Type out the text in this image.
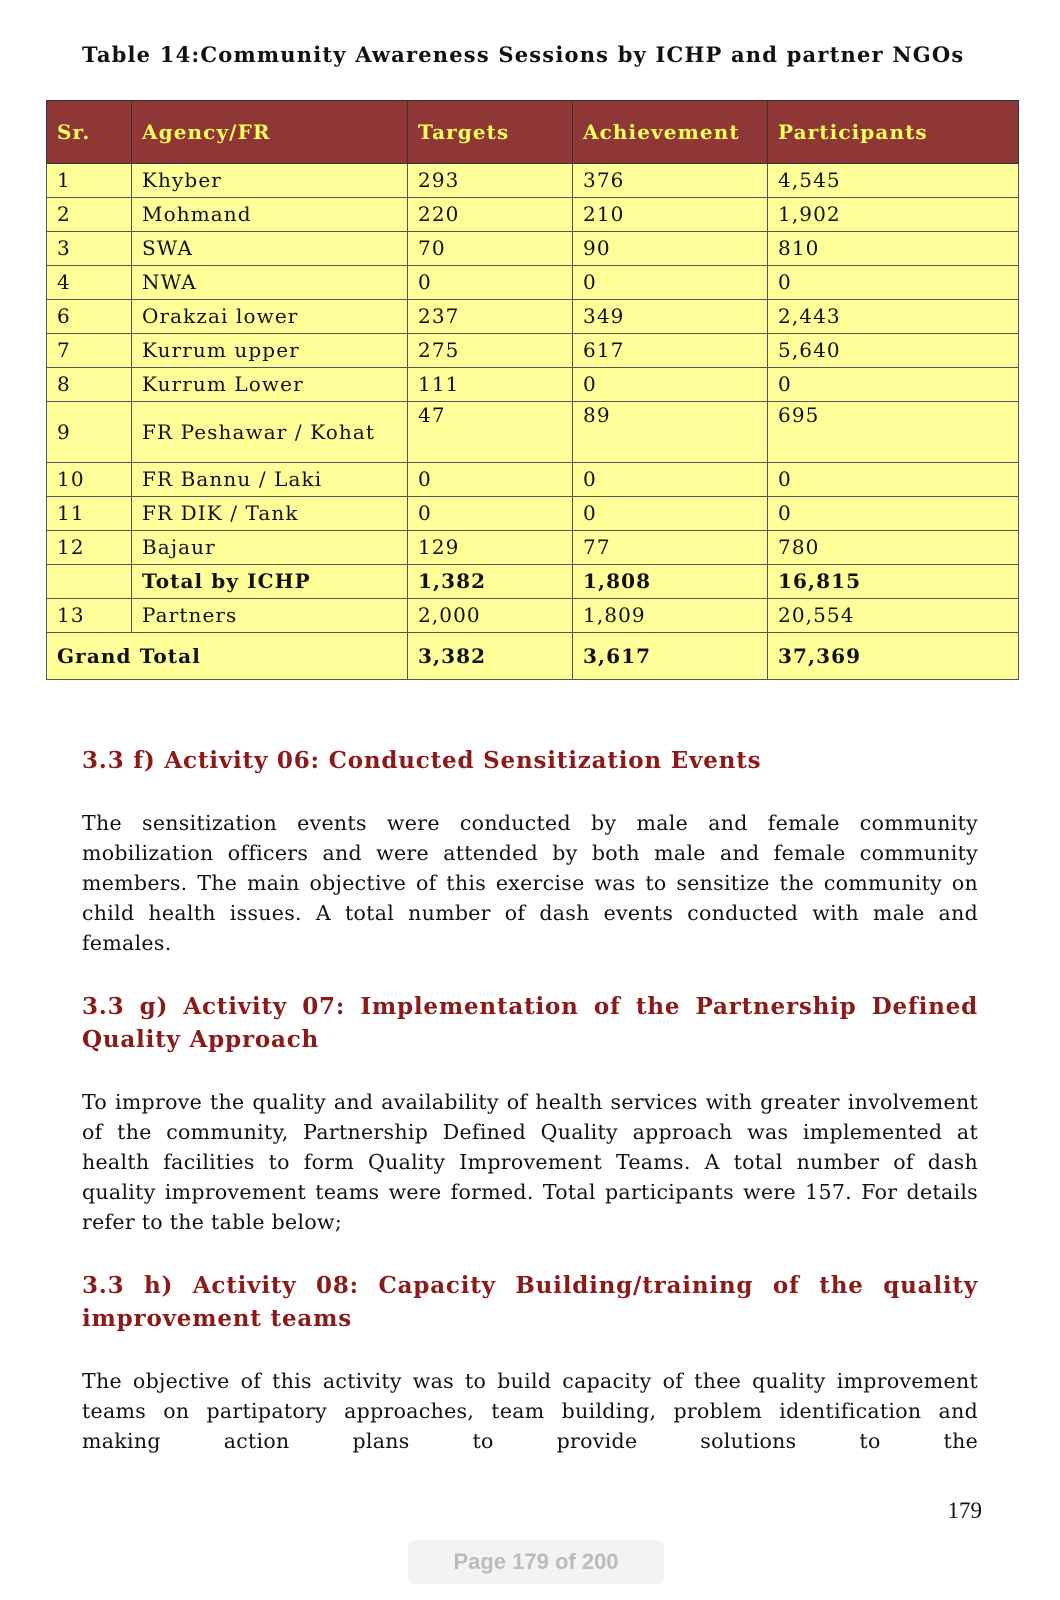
Table 14:Community Awareness Sessions by ICHP and partner NGOs
Sr.	Agency/FR	Targets	Achievement	Participants
1	Khyber	293	376	4,545
2	Mohmand	220	210	1,902
3	SWA	70	90	810
4	NWA	0	0	0
6	Orakzai lower	237	349	2,443
7	Kurrum upper	275	617	5,640
8	Kurrum Lower	111	0	0
9	FR Peshawar / Kohat	47	89	695
10	FR Bannu / Laki	0	0	0
11	FR DIK / Tank	0	0	0
12	Bajaur	129	77	780
	Total by ICHP	1,382	1,808	16,815
13	Partners	2,000	1,809	20,554
Grand Total		3,382	3,617	37,369
3.3 f) Activity 06: Conducted Sensitization Events
The sensitization events were conducted by male and female community mobilization officers and were attended by both male and female community members. The main objective of this exercise was to sensitize the community on child health issues. A total number of dash events conducted with male and females.
3.3 g) Activity 07: Implementation of the Partnership Defined Quality Approach
To improve the quality and availability of health services with greater involvement of the community, Partnership Defined Quality approach was implemented at health facilities to form Quality Improvement Teams. A total number of dash quality improvement teams were formed. Total participants were 157. For details refer to the table below;
3.3 h) Activity 08: Capacity Building/training of the quality improvement teams
The objective of this activity was to build capacity of thee quality improvement teams on partipatory approaches, team building, problem identification and making action plans to provide solutions to the
Page 179 of 200
179
